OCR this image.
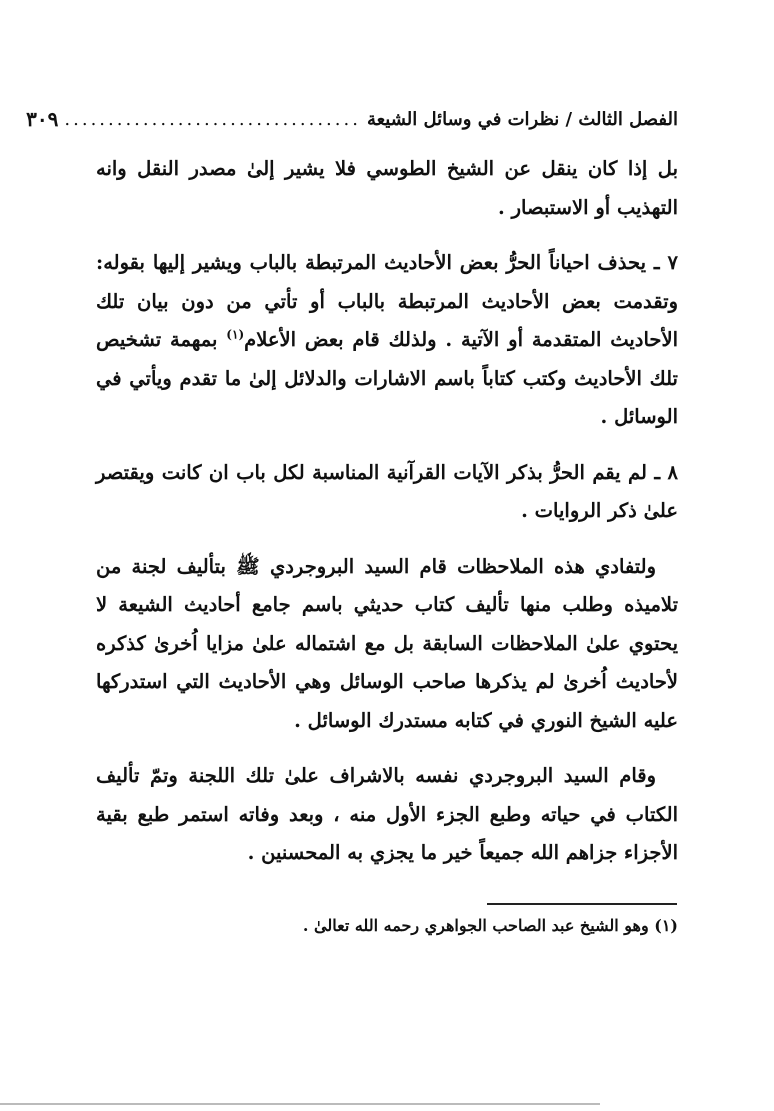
الفصل الثالث / نظرات في وسائل الشيعة
..................................
٣٠٩

بل إذا كان ينقل عن الشيخ الطوسي فلا يشير إلىٰ مصدر النقل وانه التهذيب أو الاستبصار .

٧ ـ يحذف احياناً الحرُّ بعض الأحاديث المرتبطة بالباب ويشير إليها بقوله: وتقدمت بعض الأحاديث المرتبطة بالباب أو تأتي من دون بيان تلك الأحاديث المتقدمة أو الآتية . ولذلك قام بعض الأعلام$^{(١)}$ بمهمة تشخيص تلك الأحاديث وكتب كتاباً باسم الاشارات والدلائل إلىٰ ما تقدم ويأتي في الوسائل .

٨ ـ لم يقم الحرُّ بذكر الآيات القرآنية المناسبة لكل باب ان كانت ويقتصر علىٰ ذكر الروايات .

ولتفادي هذه الملاحظات قام السيد البروجردي ﷺ بتأليف لجنة من تلاميذه وطلب منها تأليف كتاب حديثي باسم جامع أحاديث الشيعة لا يحتوي علىٰ الملاحظات السابقة بل مع اشتماله علىٰ مزايا اُخرىٰ كذكره لأحاديث اُخرىٰ لم يذكرها صاحب الوسائل وهي الأحاديث التي استدركها عليه الشيخ النوري في كتابه مستدرك الوسائل .

وقام السيد البروجردي نفسه بالاشراف علىٰ تلك اللجنة وتمّ تأليف الكتاب في حياته وطبع الجزء الأول منه ، وبعد وفاته استمر طبع بقية الأجزاء جزاهم الله جميعاً خير ما يجزي به المحسنين .

(١) وهو الشيخ عبد الصاحب الجواهري رحمه الله تعالىٰ .
